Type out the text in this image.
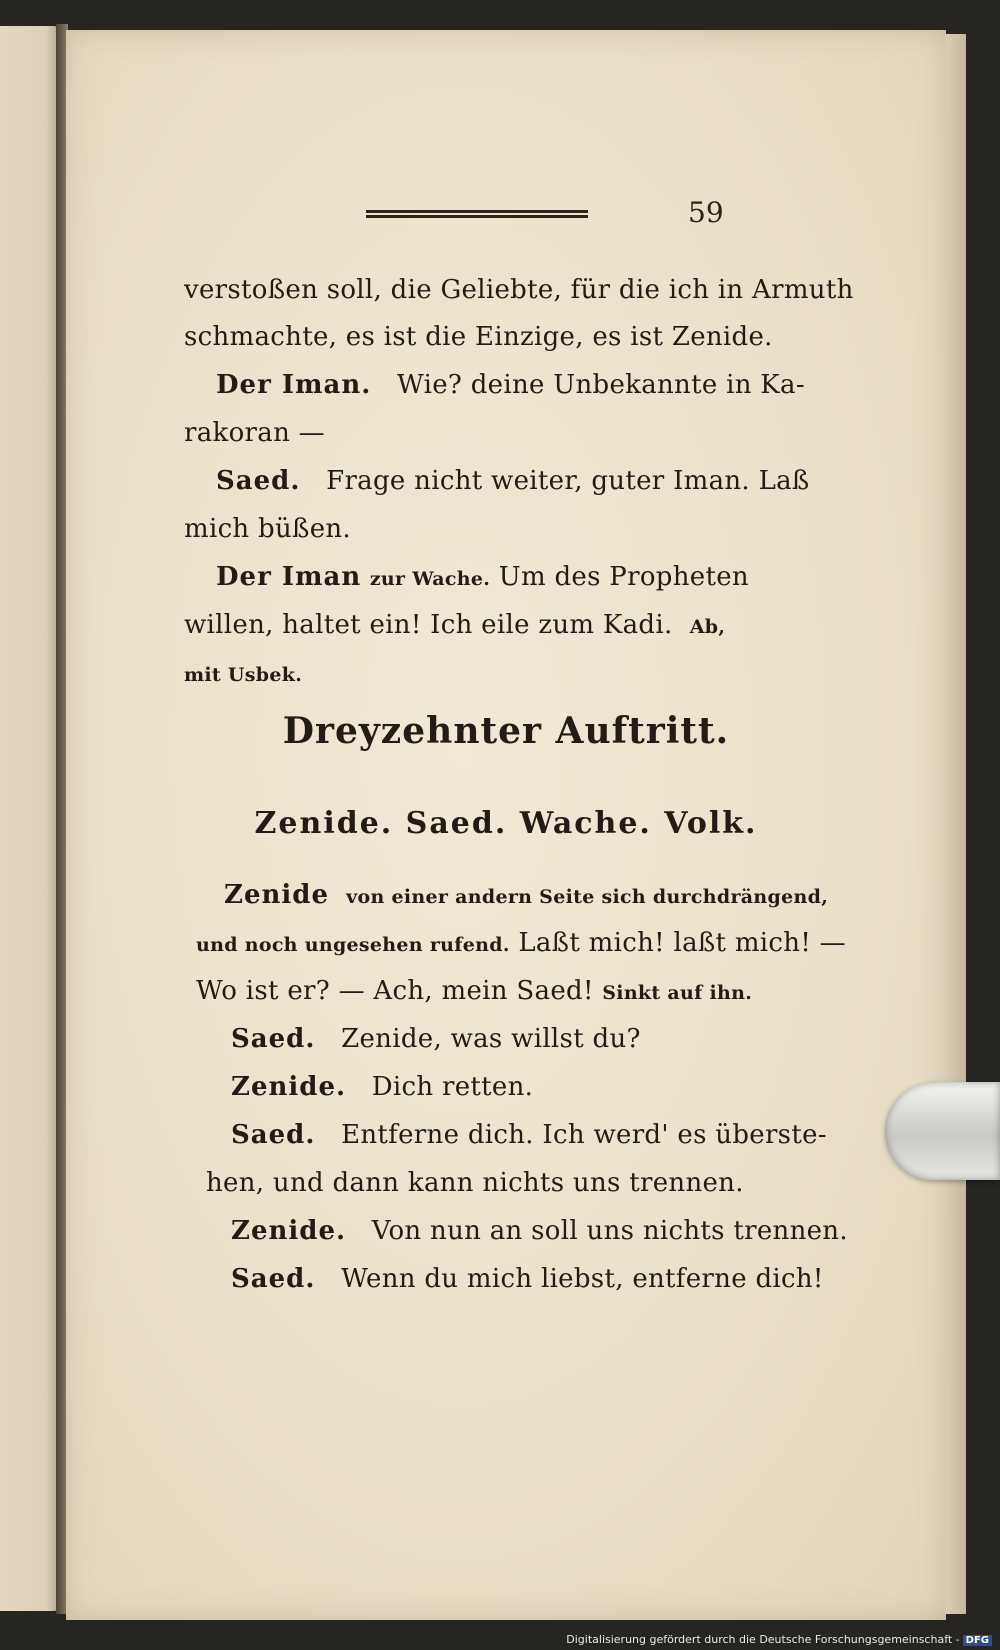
59
verstoßen soll, die Geliebte, für die ich in Armuth
schmachte, es ist die Einzige, es ist Zenide.
Der Iman. Wie? deine Unbekannte in Ka-
rakoran —
Saed. Frage nicht weiter, guter Iman. Laß
mich büßen.
Der Iman zur Wache. Um des Propheten
willen, haltet ein! Ich eile zum Kadi. Ab,
mit Usbek.
Dreyzehnter Auftritt.
Zenide. Saed. Wache. Volk.
Zenide von einer andern Seite sich durchdrängend,
und noch ungesehen rufend. Laßt mich! laßt mich! —
Wo ist er? — Ach, mein Saed! Sinkt auf ihn.
Saed. Zenide, was willst du?
Zenide. Dich retten.
Saed. Entferne dich. Ich werd' es überste-
hen, und dann kann nichts uns trennen.
Zenide. Von nun an soll uns nichts trennen.
Saed. Wenn du mich liebst, entferne dich!
Digitalisierung gefördert durch die Deutsche Forschungsgemeinschaft - DFG
